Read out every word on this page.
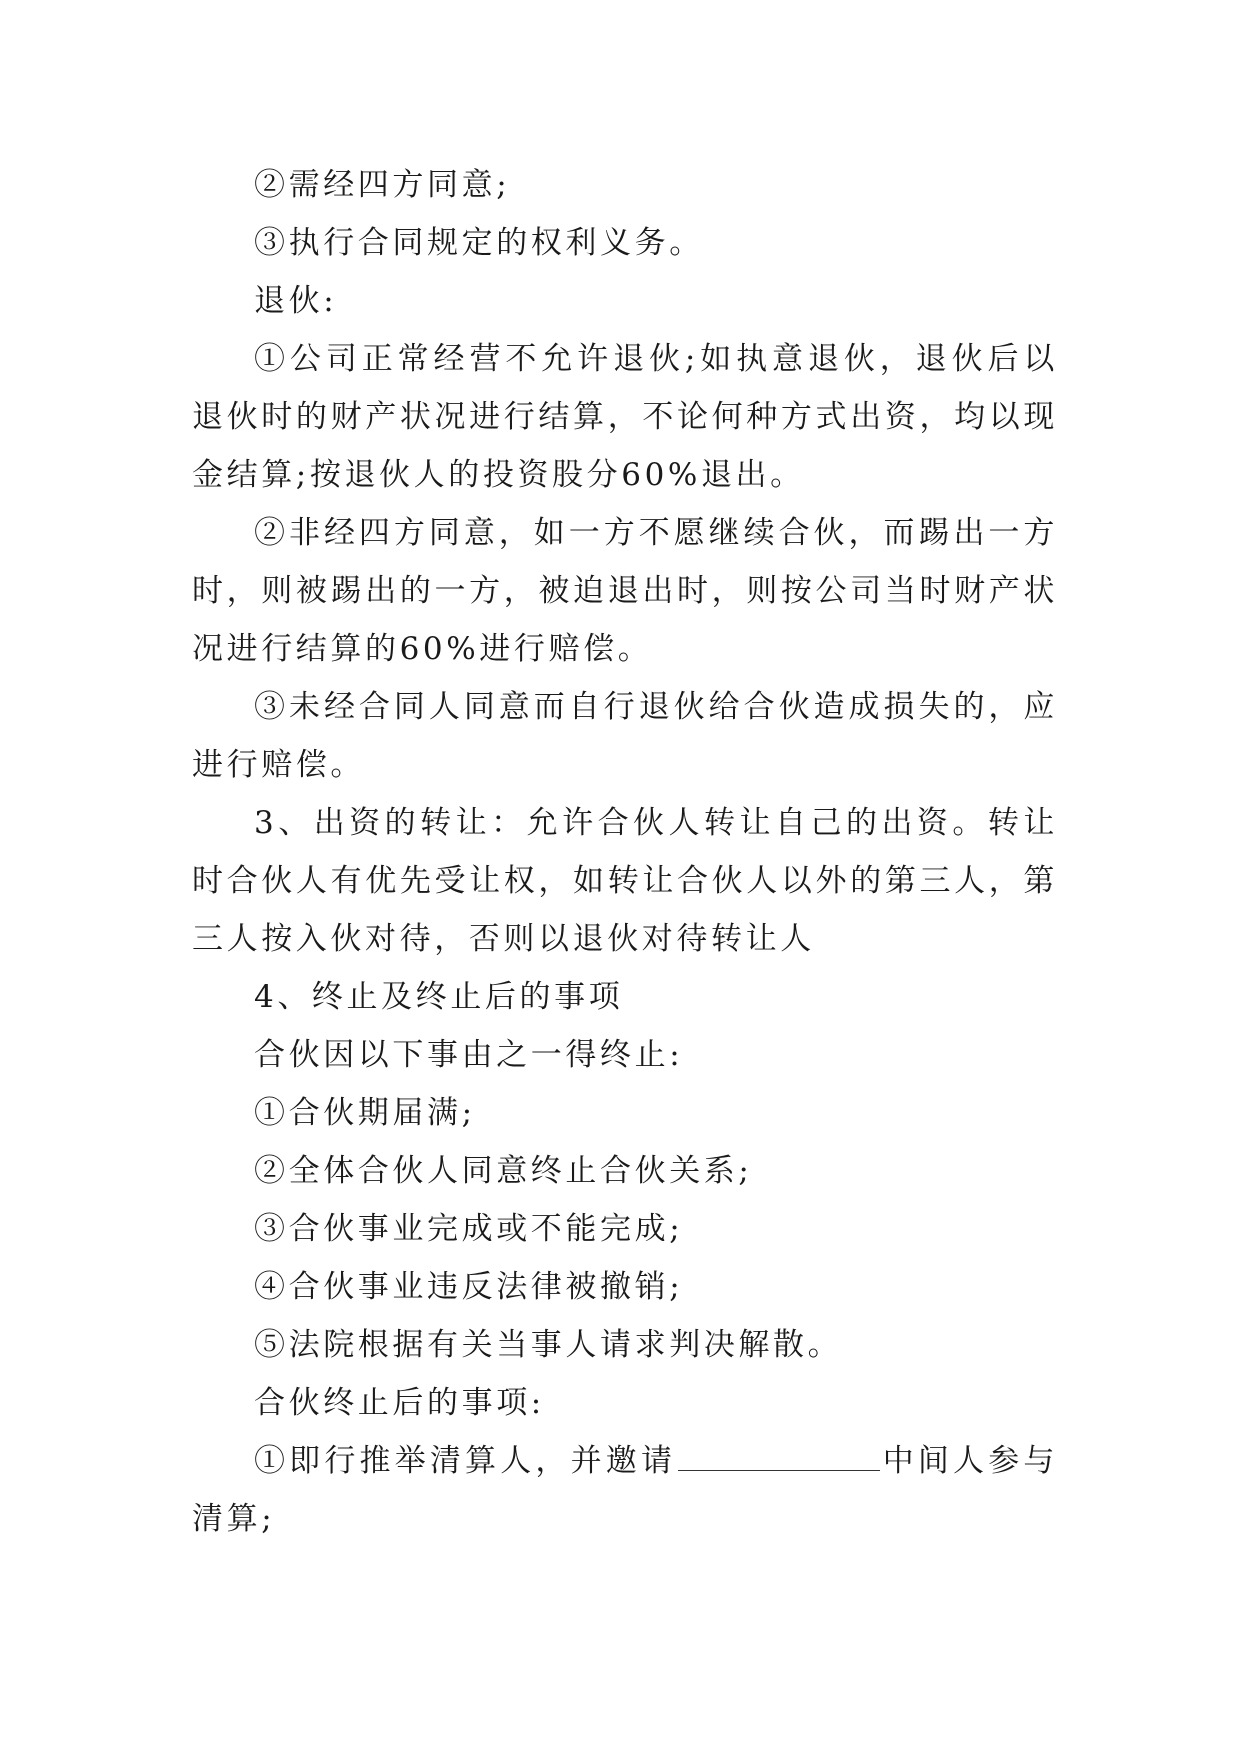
②需经四方同意;

③执行合同规定的权利义务。

退伙:

①公司正常经营不允许退伙;如执意退伙，退伙后以退伙时的财产状况进行结算，不论何种方式出资，均以现金结算;按退伙人的投资股分60%退出。

②非经四方同意，如一方不愿继续合伙，而踢出一方时，则被踢出的一方，被迫退出时，则按公司当时财产状况进行结算的60%进行赔偿。

③未经合同人同意而自行退伙给合伙造成损失的，应进行赔偿。

3、出资的转让：允许合伙人转让自己的出资。转让时合伙人有优先受让权，如转让合伙人以外的第三人，第三人按入伙对待，否则以退伙对待转让人

4、终止及终止后的事项

合伙因以下事由之一得终止:

①合伙期届满;

②全体合伙人同意终止合伙关系;

③合伙事业完成或不能完成;

④合伙事业违反法律被撤销;

⑤法院根据有关当事人请求判决解散。

合伙终止后的事项:

①即行推举清算人，并邀请	中间人参与清算;
